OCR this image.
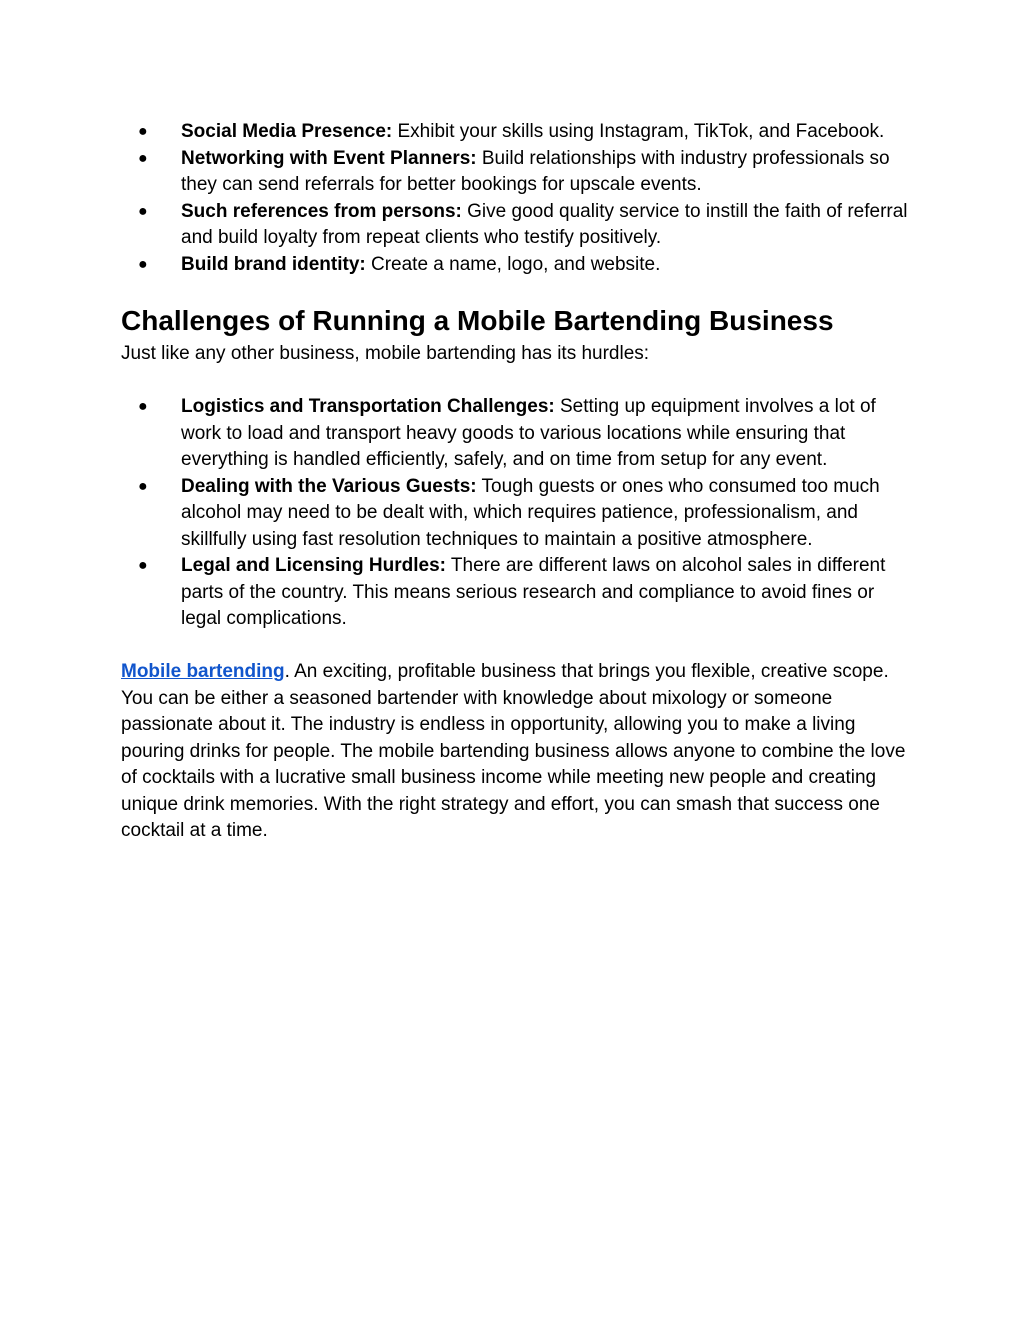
● Social Media Presence: Exhibit your skills using Instagram, TikTok, and Facebook.
● Networking with Event Planners: Build relationships with industry professionals so they can send referrals for better bookings for upscale events.
● Such references from persons: Give good quality service to instill the faith of referral and build loyalty from repeat clients who testify positively.
● Build brand identity: Create a name, logo, and website.
Challenges of Running a Mobile Bartending Business

Just like any other business, mobile bartending has its hurdles:

● Logistics and Transportation Challenges: Setting up equipment involves a lot of work to load and transport heavy goods to various locations while ensuring that everything is handled efficiently, safely, and on time from setup for any event.
● Dealing with the Various Guests: Tough guests or ones who consumed too much alcohol may need to be dealt with, which requires patience, professionalism, and skillfully using fast resolution techniques to maintain a positive atmosphere.
● Legal and Licensing Hurdles: There are different laws on alcohol sales in different parts of the country. This means serious research and compliance to avoid fines or legal complications.

Mobile bartending. An exciting, profitable business that brings you flexible, creative scope. You can be either a seasoned bartender with knowledge about mixology or someone passionate about it. The industry is endless in opportunity, allowing you to make a living pouring drinks for people. The mobile bartending business allows anyone to combine the love of cocktails with a lucrative small business income while meeting new people and creating unique drink memories. With the right strategy and effort, you can smash that success one cocktail at a time.
